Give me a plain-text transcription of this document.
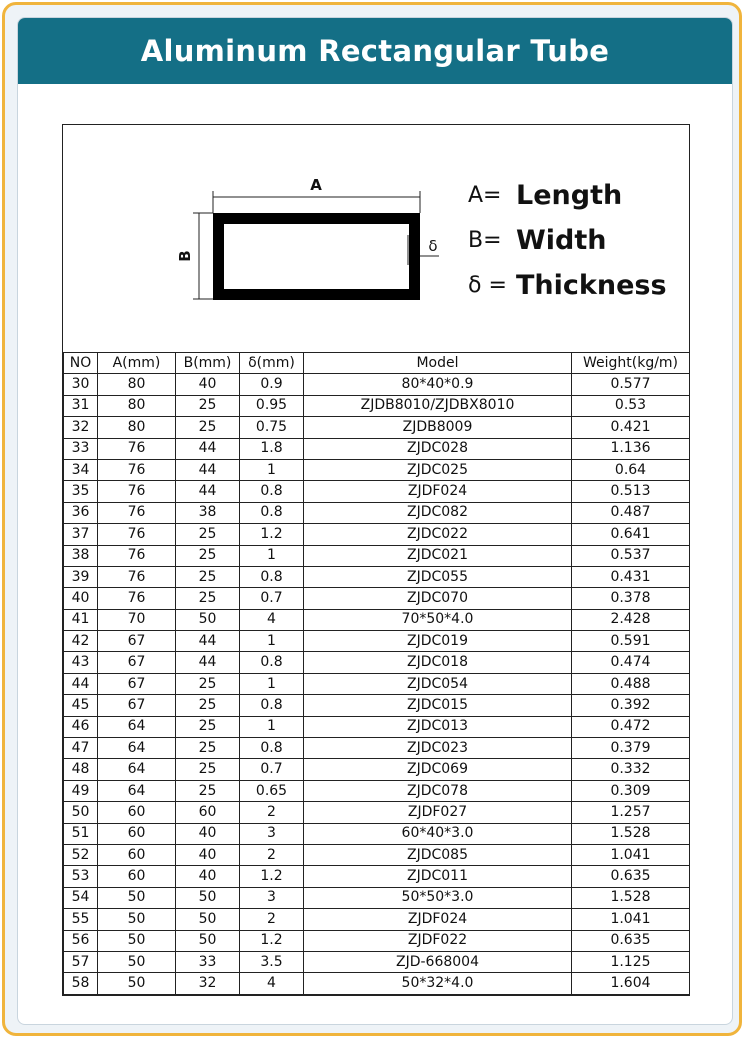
Aluminum Rectangular Tube
A
B
δ
A= Length
B= Width
δ = Thickness
NO	A(mm)	B(mm)	δ(mm)	Model	Weight(kg/m)
30	80	40	0.9	80*40*0.9	0.577
31	80	25	0.95	ZJDB8010/ZJDBX8010	0.53
32	80	25	0.75	ZJDB8009	0.421
33	76	44	1.8	ZJDC028	1.136
34	76	44	1	ZJDC025	0.64
35	76	44	0.8	ZJDF024	0.513
36	76	38	0.8	ZJDC082	0.487
37	76	25	1.2	ZJDC022	0.641
38	76	25	1	ZJDC021	0.537
39	76	25	0.8	ZJDC055	0.431
40	76	25	0.7	ZJDC070	0.378
41	70	50	4	70*50*4.0	2.428
42	67	44	1	ZJDC019	0.591
43	67	44	0.8	ZJDC018	0.474
44	67	25	1	ZJDC054	0.488
45	67	25	0.8	ZJDC015	0.392
46	64	25	1	ZJDC013	0.472
47	64	25	0.8	ZJDC023	0.379
48	64	25	0.7	ZJDC069	0.332
49	64	25	0.65	ZJDC078	0.309
50	60	60	2	ZJDF027	1.257
51	60	40	3	60*40*3.0	1.528
52	60	40	2	ZJDC085	1.041
53	60	40	1.2	ZJDC011	0.635
54	50	50	3	50*50*3.0	1.528
55	50	50	2	ZJDF024	1.041
56	50	50	1.2	ZJDF022	0.635
57	50	33	3.5	ZJD-668004	1.125
58	50	32	4	50*32*4.0	1.604
